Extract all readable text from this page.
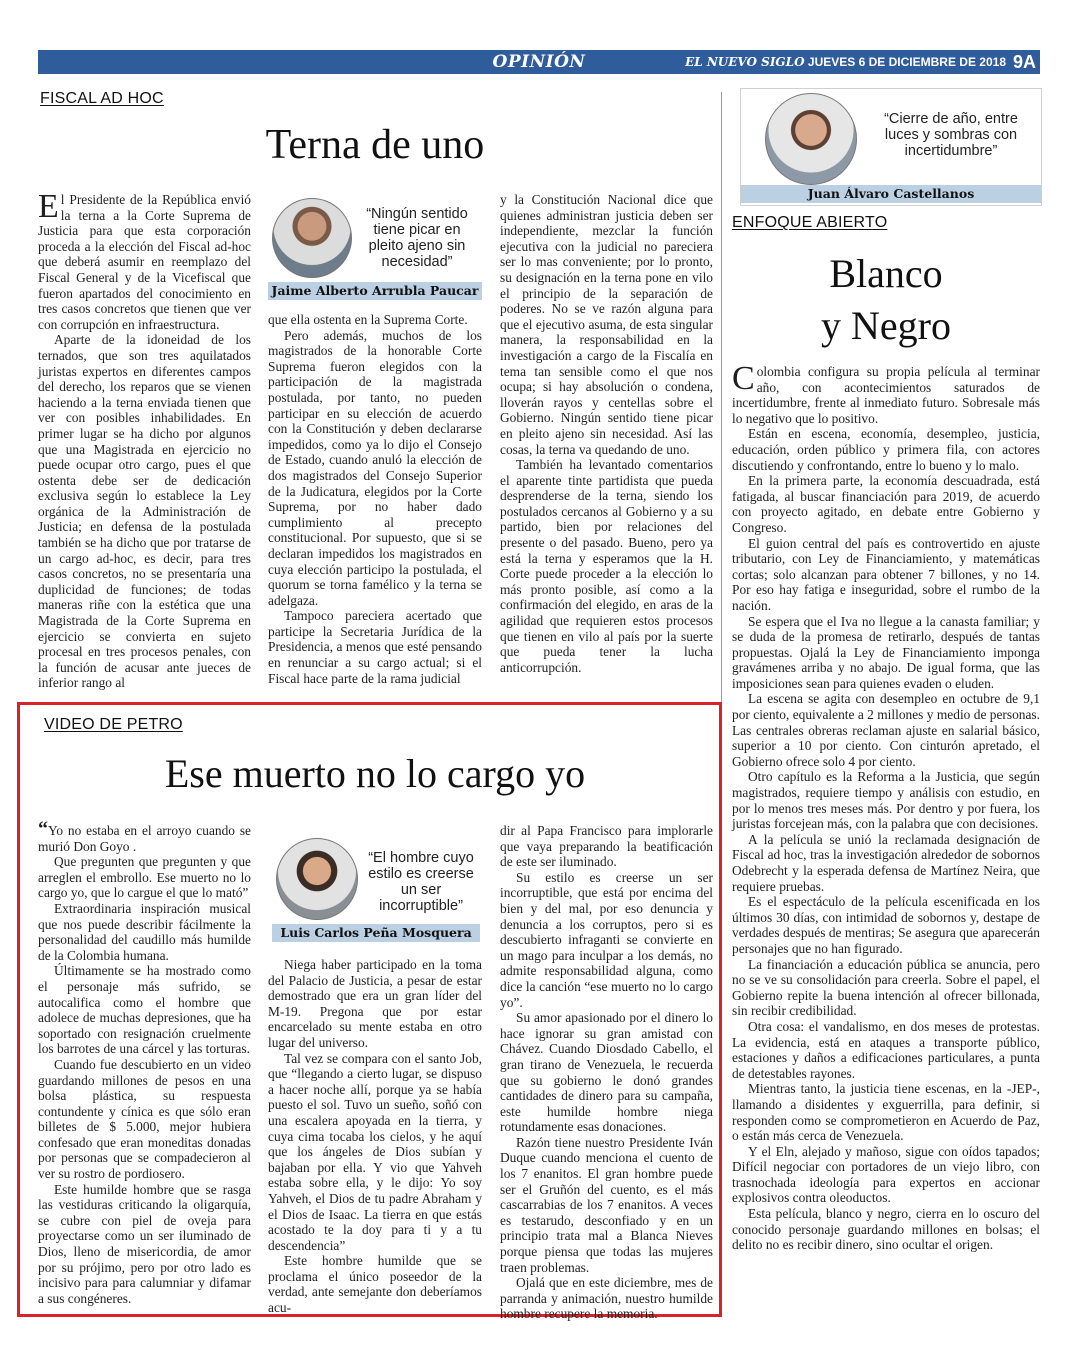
OPINIÓN	EL NUEVO SIGLO JUEVES 6 DE DICIEMBRE DE 2018 9A
FISCAL AD HOC
Terna de uno

El Presidente de la República envió la terna a la Corte Suprema de Justicia para que esta corporación proceda a la elección del Fiscal ad-hoc que deberá asumir en reemplazo del Fiscal General y de la Vicefiscal que fueron apartados del conocimiento en tres casos concretos que tienen que ver con corrupción en infraestructura.

Aparte de la idoneidad de los ternados, que son tres aquilatados juristas expertos en diferentes campos del derecho, los reparos que se vienen haciendo a la terna enviada tienen que ver con posibles inhabilidades. En primer lugar se ha dicho por algunos que una Magistrada en ejercicio no puede ocupar otro cargo, pues el que ostenta debe ser de dedicación exclusiva según lo establece la Ley orgánica de la Administración de Justicia; en defensa de la postulada también se ha dicho que por tratarse de un cargo ad-hoc, es decir, para tres casos concretos, no se presentaría una duplicidad de funciones; de todas maneras riñe con la estética que una Magistrada de la Corte Suprema en ejercicio se convierta en sujeto procesal en tres procesos penales, con la función de acusar ante jueces de inferior rango al

“Ningún sentido tiene picar en pleito ajeno sin necesidad”
Jaime Alberto Arrubla Paucar

que ella ostenta en la Suprema Corte.

Pero además, muchos de los magistrados de la honorable Corte Suprema fueron elegidos con la participación de la magistrada postulada, por tanto, no pueden participar en su elección de acuerdo con la Constitución y deben declararse impedidos, como ya lo dijo el Consejo de Estado, cuando anuló la elección de dos magistrados del Consejo Superior de la Judicatura, elegidos por la Corte Suprema, por no haber dado cumplimiento al precepto constitucional. Por supuesto, que si se declaran impedidos los magistrados en cuya elección participo la postulada, el quorum se torna famélico y la terna se adelgaza.

Tampoco pareciera acertado que participe la Secretaria Jurídica de la Presidencia, a menos que esté pensando en renunciar a su cargo actual; si el Fiscal hace parte de la rama judicial

y la Constitución Nacional dice que quienes administran justicia deben ser independiente, mezclar la función ejecutiva con la judicial no pareciera ser lo mas conveniente; por lo pronto, su designación en la terna pone en vilo el principio de la separación de poderes. No se ve razón alguna para que el ejecutivo asuma, de esta singular manera, la responsabilidad en la investigación a cargo de la Fiscalía en tema tan sensible como el que nos ocupa; si hay absolución o condena, lloverán rayos y centellas sobre el Gobierno. Ningún sentido tiene picar en pleito ajeno sin necesidad. Así las cosas, la terna va quedando de uno.

También ha levantado comentarios el aparente tinte partidista que pueda desprenderse de la terna, siendo los postulados cercanos al Gobierno y a su partido, bien por relaciones del presente o del pasado. Bueno, pero ya está la terna y esperamos que la H. Corte puede proceder a la elección lo más pronto posible, así como a la confirmación del elegido, en aras de la agilidad que requieren estos procesos que tienen en vilo al país por la suerte que pueda tener la lucha anticorrupción.

VIDEO DE PETRO
Ese muerto no lo cargo yo

“Yo no estaba en el arroyo cuando se murió Don Goyo .

Que pregunten que pregunten y que arreglen el embrollo. Ese muerto no lo cargo yo, que lo cargue el que lo mató”

Extraordinaria inspiración musical que nos puede describir fácilmente la personalidad del caudillo más humilde de la Colombia humana.

Últimamente se ha mostrado como el personaje más sufrido, se autocalifica como el hombre que adolece de muchas depresiones, que ha soportado con resignación cruelmente los barrotes de una cárcel y las torturas.

Cuando fue descubierto en un video guardando millones de pesos en una bolsa plástica, su respuesta contundente y cínica es que sólo eran billetes de $ 5.000, mejor hubiera confesado que eran moneditas donadas por personas que se compadecieron al ver su rostro de pordiosero.

Este humilde hombre que se rasga las vestiduras criticando la oligarquía, se cubre con piel de oveja para proyectarse como un ser iluminado de Dios, lleno de misericordia, de amor por su prójimo, pero por otro lado es incisivo para para calumniar y difamar a sus congéneres.

“El hombre cuyo estilo es creerse un ser incorruptible”
Luis Carlos Peña Mosquera

Niega haber participado en la toma del Palacio de Justicia, a pesar de estar demostrado que era un gran líder del M-19. Pregona que por estar encarcelado su mente estaba en otro lugar del universo.

Tal vez se compara con el santo Job, que “llegando a cierto lugar, se dispuso a hacer noche allí, porque ya se había puesto el sol. Tuvo un sueño, soñó con una escalera apoyada en la tierra, y cuya cima tocaba los cielos, y he aquí que los ángeles de Dios subían y bajaban por ella. Y vio que Yahveh estaba sobre ella, y le dijo: Yo soy Yahveh, el Dios de tu padre Abraham y el Dios de Isaac. La tierra en que estás acostado te la doy para ti y a tu descendencia”

Este hombre humilde que se proclama el único poseedor de la verdad, ante semejante don deberíamos acu-

dir al Papa Francisco para implorarle que vaya preparando la beatificación de este ser iluminado.

Su estilo es creerse un ser incorruptible, que está por encima del bien y del mal, por eso denuncia y denuncia a los corruptos, pero si es descubierto infraganti se convierte en un mago para inculpar a los demás, no admite responsabilidad alguna, como dice la canción “ese muerto no lo cargo yo”.

Su amor apasionado por el dinero lo hace ignorar su gran amistad con Chávez. Cuando Diosdado Cabello, el gran tirano de Venezuela, le recuerda que su gobierno le donó grandes cantidades de dinero para su campaña, este humilde hombre niega rotundamente esas donaciones.

Razón tiene nuestro Presidente Iván Duque cuando menciona el cuento de los 7 enanitos. El gran hombre puede ser el Gruñón del cuento, es el más cascarrabias de los 7 enanitos. A veces es testarudo, desconfiado y en un principio trata mal a Blanca Nieves porque piensa que todas las mujeres traen problemas.

Ojalá que en este diciembre, mes de parranda y animación, nuestro humilde hombre recupere la memoria.

“Cierre de año, entre luces y sombras con incertidumbre”
Juan Álvaro Castellanos
ENFOQUE ABIERTO
Blanco
y Negro

Colombia configura su propia película al terminar año, con acontecimientos saturados de incertidumbre, frente al inmediato futuro. Sobresale más lo negativo que lo positivo.

Están en escena, economía, desempleo, justicia, educación, orden público y primera fila, con actores discutiendo y confrontando, entre lo bueno y lo malo.

En la primera parte, la economía descuadrada, está fatigada, al buscar financiación para 2019, de acuerdo con proyecto agitado, en debate entre Gobierno y Congreso.

El guion central del país es controvertido en ajuste tributario, con Ley de Financiamiento, y matemáticas cortas; solo alcanzan para obtener 7 billones, y no 14. Por eso hay fatiga e inseguridad, sobre el rumbo de la nación.

Se espera que el Iva no llegue a la canasta familiar; y se duda de la promesa de retirarlo, después de tantas propuestas. Ojalá la Ley de Financiamiento imponga gravámenes arriba y no abajo. De igual forma, que las imposiciones sean para quienes evaden o eluden.

La escena se agita con desempleo en octubre de 9,1 por ciento, equivalente a 2 millones y medio de personas. Las centrales obreras reclaman ajuste en salarial básico, superior a 10 por ciento. Con cinturón apretado, el Gobierno ofrece solo 4 por ciento.

Otro capítulo es la Reforma a la Justicia, que según magistrados, requiere tiempo y análisis con estudio, en por lo menos tres meses más. Por dentro y por fuera, los juristas forcejean más, con la palabra que con decisiones.

A la película se unió la reclamada designación de Fiscal ad hoc, tras la investigación alrededor de sobornos Odebrecht y la esperada defensa de Martínez Neira, que requiere pruebas.

Es el espectáculo de la película escenificada en los últimos 30 días, con intimidad de sobornos y, destape de verdades después de mentiras; Se asegura que aparecerán personajes que no han figurado.

La financiación a educación pública se anuncia, pero no se ve su consolidación para creerla. Sobre el papel, el Gobierno repite la buena intención al ofrecer billonada, sin recibir credibilidad.

Otra cosa: el vandalismo, en dos meses de protestas. La evidencia, está en ataques a transporte público, estaciones y daños a edificaciones particulares, a punta de detestables rayones.

Mientras tanto, la justicia tiene escenas, en la -JEP-, llamando a disidentes y exguerrilla, para definir, si responden como se comprometieron en Acuerdo de Paz, o están más cerca de Venezuela.

Y el Eln, alejado y mañoso, sigue con oídos tapados; Difícil negociar con portadores de un viejo libro, con trasnochada ideología para expertos en accionar explosivos contra oleoductos.

Esta película, blanco y negro, cierra en lo oscuro del conocido personaje guardando millones en bolsas; el delito no es recibir dinero, sino ocultar el origen.
